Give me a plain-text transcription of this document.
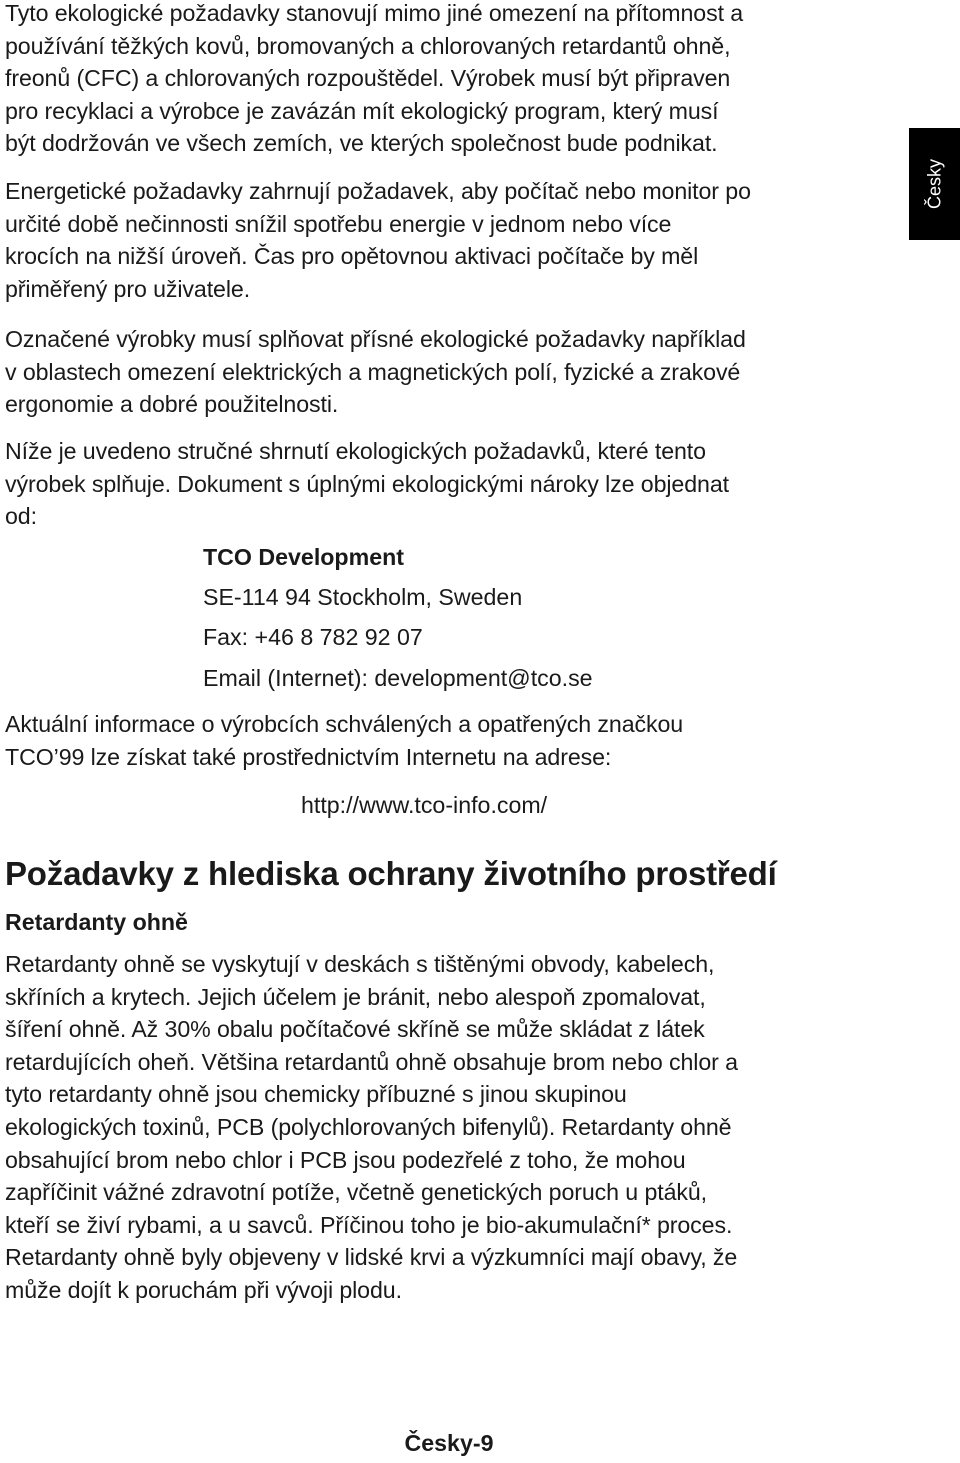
Tyto ekologické požadavky stanovují mimo jiné omezení na přítomnost a
používání těžkých kovů, bromovaných a chlorovaných retardantů ohně,
freonů (CFC) a chlorovaných rozpouštědel. Výrobek musí být připraven
pro recyklaci a výrobce je zavázán mít ekologický program, který musí
být dodržován ve všech zemích, ve kterých společnost bude podnikat.

Energetické požadavky zahrnují požadavek, aby počítač nebo monitor po
určité době nečinnosti snížil spotřebu energie v jednom nebo více
krocích na nižší úroveň. Čas pro opětovnou aktivaci počítače by měl
přiměřený pro uživatele.

Označené výrobky musí splňovat přísné ekologické požadavky například
v oblastech omezení elektrických a magnetických polí, fyzické a zrakové
ergonomie a dobré použitelnosti.

Níže je uvedeno stručné shrnutí ekologických požadavků, které tento
výrobek splňuje. Dokument s úplnými ekologickými nároky lze objednat
od:

TCO Development

SE-114 94 Stockholm, Sweden

Fax: +46 8 782 92 07

Email (Internet): development@tco.se

Aktuální informace o výrobcích schválených a opatřených značkou
TCO’99 lze získat také prostřednictvím Internetu na adrese:

http://www.tco-info.com/

Požadavky z hlediska ochrany životního prostředí
Retardanty ohně

Retardanty ohně se vyskytují v deskách s tištěnými obvody, kabelech,
skříních a krytech. Jejich účelem je bránit, nebo alespoň zpomalovat,
šíření ohně. Až 30% obalu počítačové skříně se může skládat z látek
retardujících oheň. Většina retardantů ohně obsahuje brom nebo chlor a
tyto retardanty ohně jsou chemicky příbuzné s jinou skupinou
ekologických toxinů, PCB (polychlorovaných bifenylů). Retardanty ohně
obsahující brom nebo chlor i PCB jsou podezřelé z toho, že mohou
zapříčinit vážné zdravotní potíže, včetně genetických poruch u ptáků,
kteří se živí rybami, a u savců. Příčinou toho je bio-akumulační* proces.
Retardanty ohně byly objeveny v lidské krvi a výzkumníci mají obavy, že
může dojít k poruchám při vývoji plodu.

Česky-9

Česky
